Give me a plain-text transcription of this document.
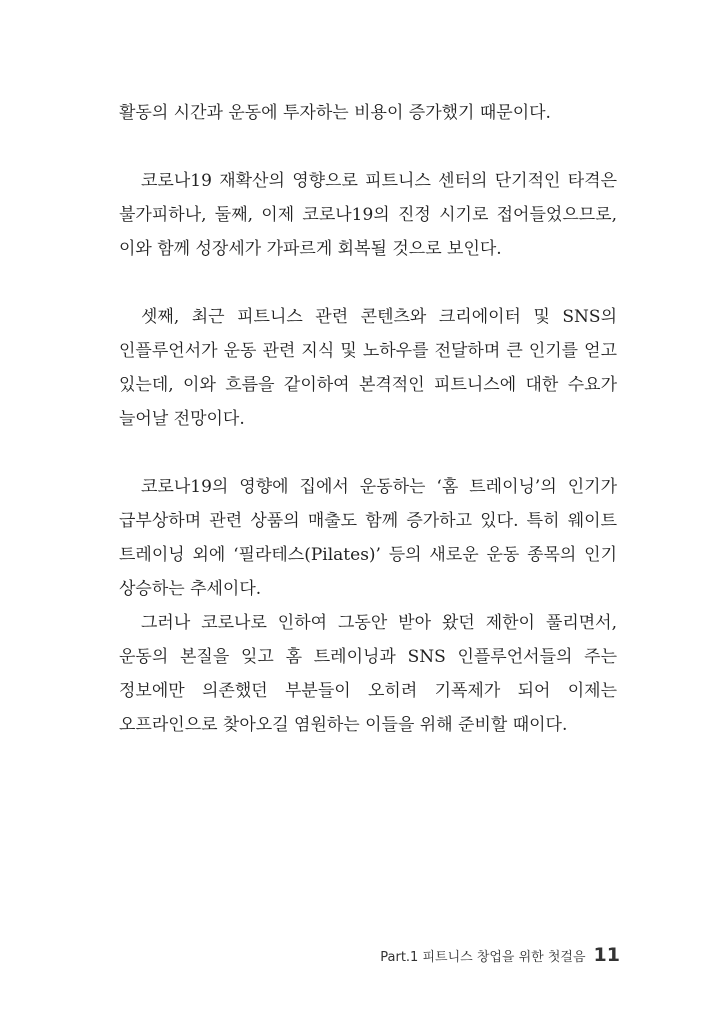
활동의 시간과 운동에 투자하는 비용이 증가했기 때문이다.

코로나19 재확산의 영향으로 피트니스 센터의 단기적인 타격은 불가피하나, 둘째, 이제 코로나19의 진정 시기로 접어들었으므로, 이와 함께 성장세가 가파르게 회복될 것으로 보인다.

셋째, 최근 피트니스 관련 콘텐츠와 크리에이터 및 SNS의 인플루언서가 운동 관련 지식 및 노하우를 전달하며 큰 인기를 얻고 있는데, 이와 흐름을 같이하여 본격적인 피트니스에 대한 수요가 늘어날 전망이다.

코로나19의 영향에 집에서 운동하는 ‘홈 트레이닝’의 인기가 급부상하며 관련 상품의 매출도 함께 증가하고 있다. 특히 웨이트 트레이닝 외에 ‘필라테스(Pilates)’ 등의 새로운 운동 종목의 인기 상승하는 추세이다.

그러나 코로나로 인하여 그동안 받아 왔던 제한이 풀리면서, 운동의 본질을 잊고 홈 트레이닝과 SNS 인플루언서들의 주는 정보에만 의존했던 부분들이 오히려 기폭제가 되어 이제는 오프라인으로 찾아오길 염원하는 이들을 위해 준비할 때이다.

Part.1 피트니스 창업을 위한 첫걸음 11
